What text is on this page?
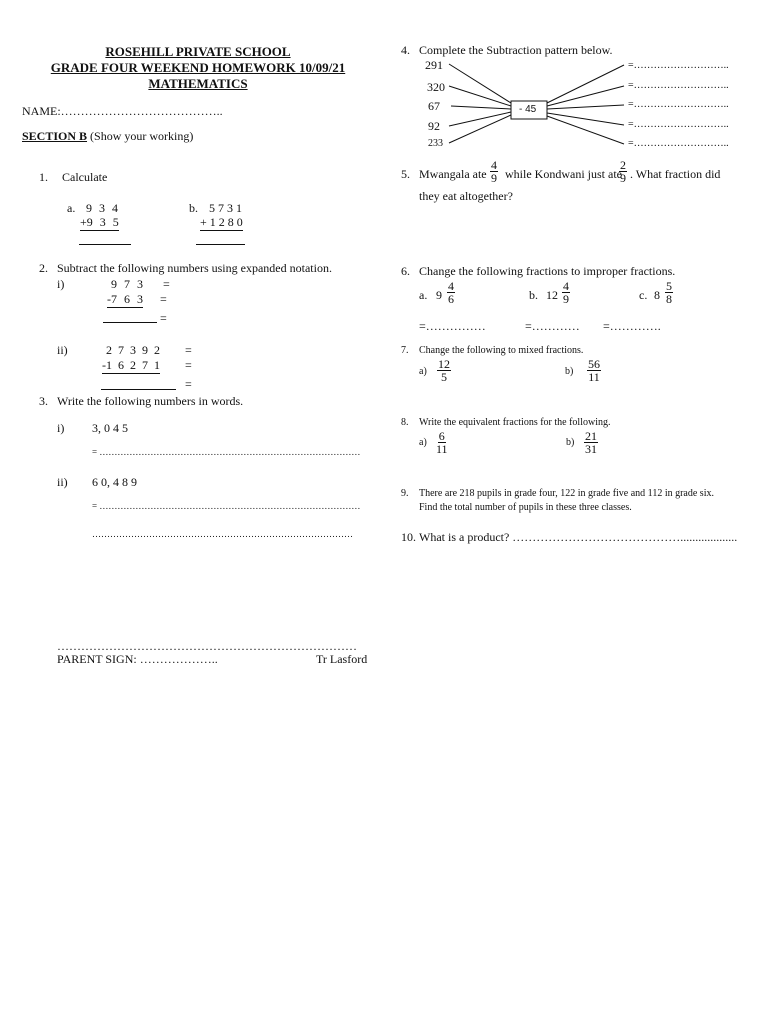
ROSEHILL PRIVATE SCHOOL
GRADE FOUR WEEKEND HOMEWORK 10/09/21
MATHEMATICS
NAME:…………………………………..
SECTION B (Show your working)
1. Calculate
a. 9 3 4
+9 3 5
b. 5 7 3 1
+ 1 2 8 0
2. Subtract the following numbers using expanded notation.
i)	9 7 3 =
-7 6 3 =
=
ii)	2 7 3 9 2 =
-1 6 2 7 1 =
=
3. Write the following numbers in words.
i) 3, 0 4 5
= ……………………………………………………………………………
ii) 6 0, 4 8 9
= ……………………………………………………………………………
……………………………………………………………………………
…………………………………………………………………
PARENT SIGN: ………………..	Tr Lasford
4. Complete the Subtraction pattern below.
- 45
291
320
67
92
233
=………………………..
=………………………..
=………………………..
=………………………..
=………………………..
5. Mwangala ate $\frac{4}{9}$ while Kondwani just ate
$\frac{2}{9}$ . What fraction did
they eat altogether?
6. Change the following fractions to improper fractions.
a. $9 \frac{4}{6}$	b. $12 \frac{4}{9}$	c. $8 \frac{5}{8}$
=……………	=………… =………….
7. Change the following to mixed fractions.
$a) \frac{12}{5}$	$b) \frac{56}{11}$
8. Write the equivalent fractions for the following.
$a) \frac{6}{11}$	$b) \frac{21}{31}$
9. There are 218 pupils in grade four, 122 in grade five and 112 in grade six.
Find the total number of pupils in these three classes.
10. What is a product? ……………………………………...................
